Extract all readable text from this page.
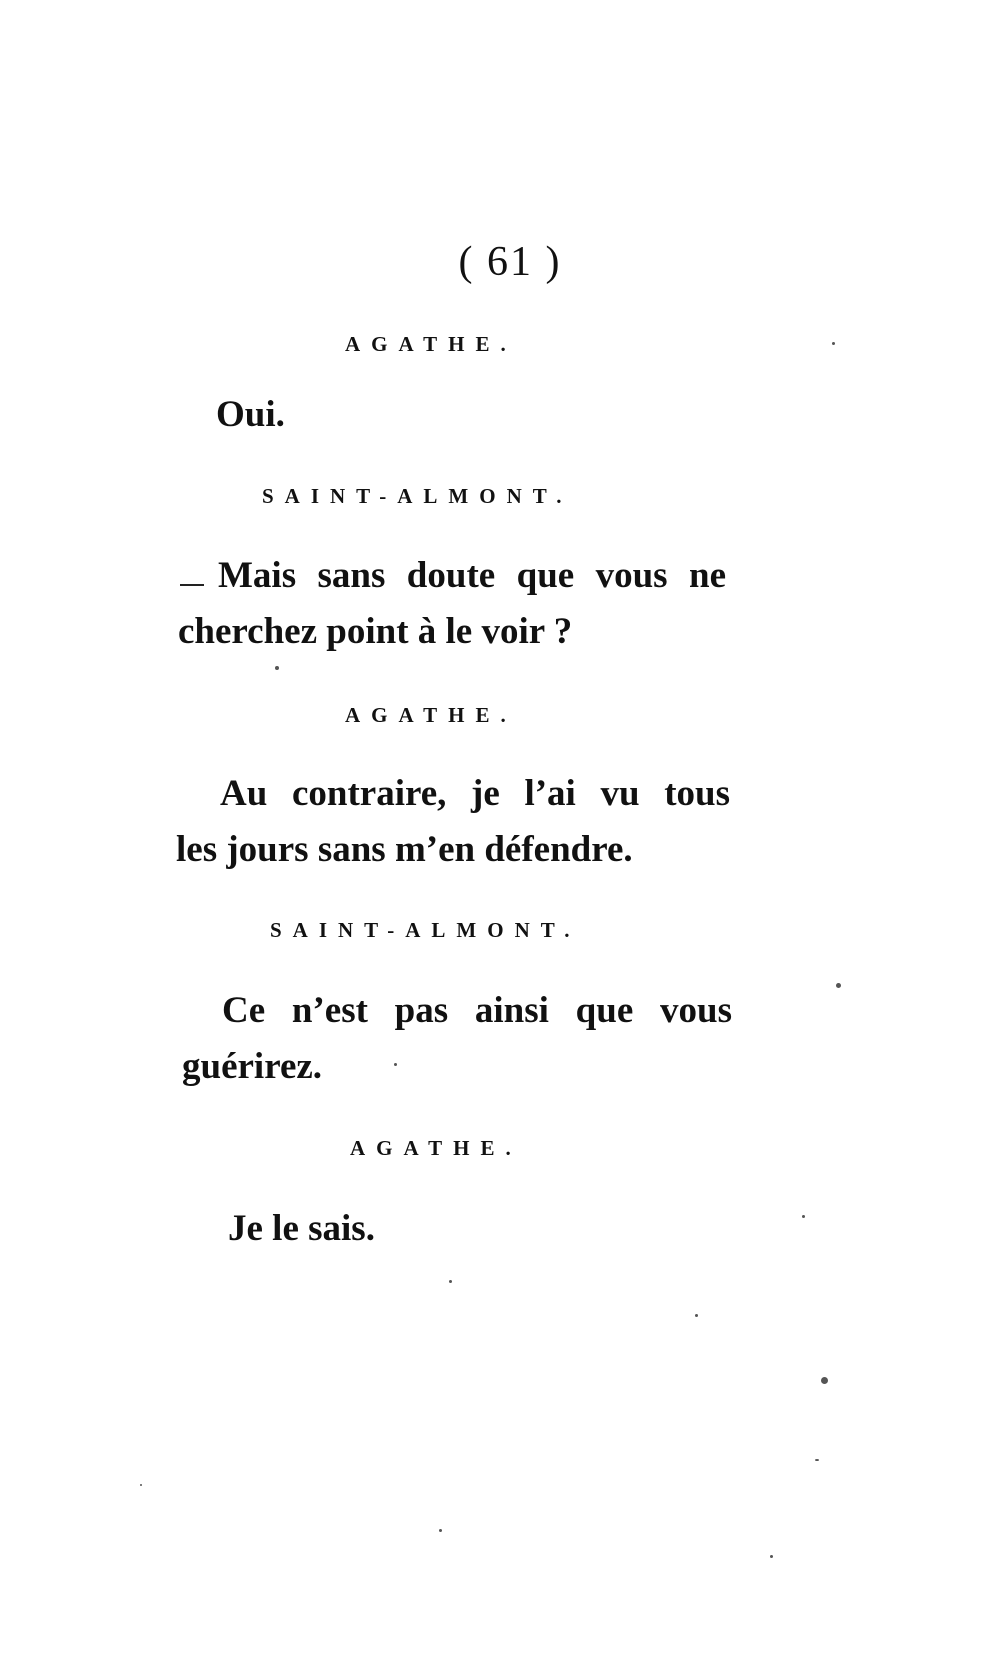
( 61 )
AGATHE.
Oui.
SAINT-ALMONT.
Mais sans doute que vous ne
cherchez point à le voir ?
AGATHE.
Au contraire, je l’ai vu tous
les jours sans m’en défendre.
SAINT-ALMONT.
Ce n’est pas ainsi que vous
guérirez.
AGATHE.
Je le sais.
